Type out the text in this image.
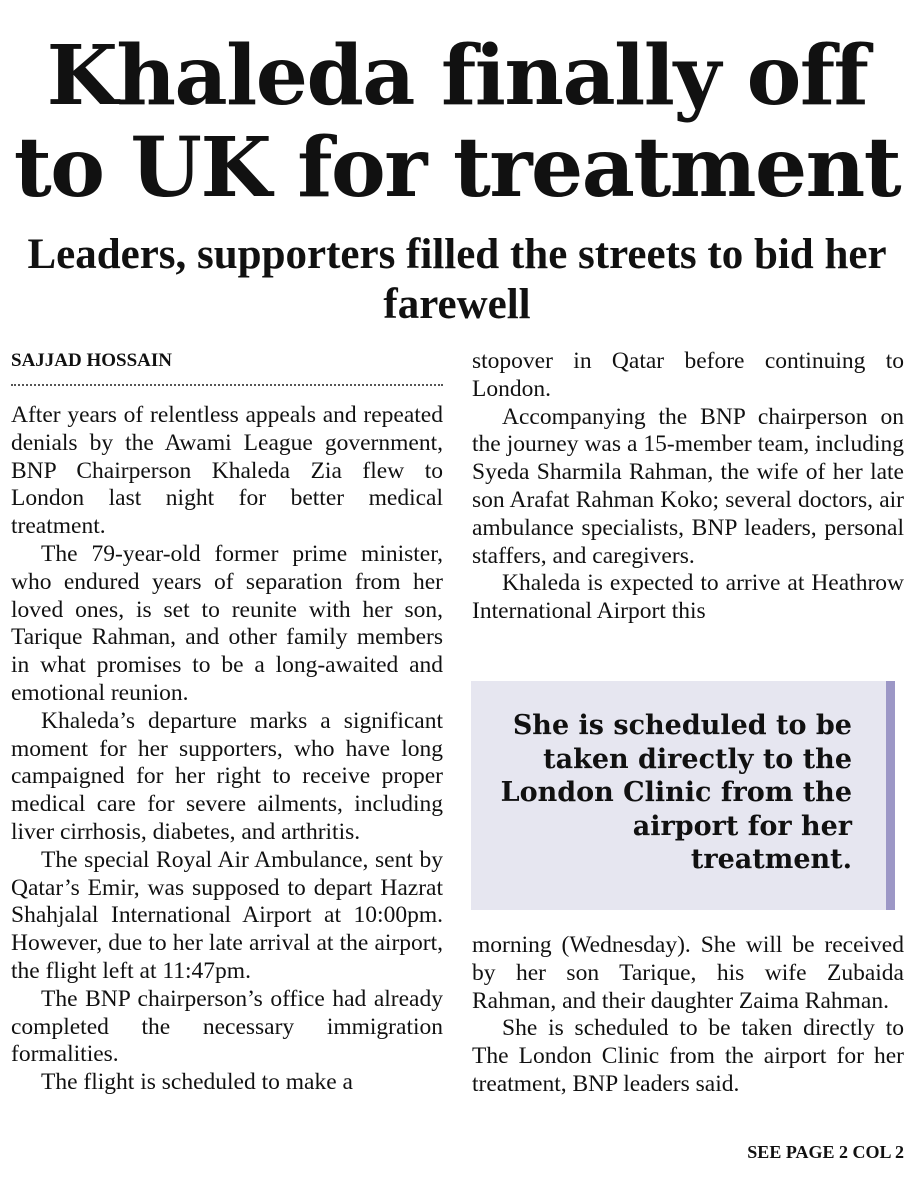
Khaleda finally off to UK for treatment
Leaders, supporters filled the streets to bid her farewell
SAJJAD HOSSAIN

After years of relentless appeals and repeated denials by the Awami League government, BNP Chairperson Khaleda Zia flew to London last night for better medical treatment.

The 79-year-old former prime minister, who endured years of separation from her loved ones, is set to reunite with her son, Tarique Rahman, and other family members in what promises to be a long-awaited and emotional reunion.

Khaleda’s departure marks a significant moment for her supporters, who have long campaigned for her right to receive proper medical care for severe ailments, including liver cirrhosis, diabetes, and arthritis.

The special Royal Air Ambulance, sent by Qatar’s Emir, was supposed to depart Hazrat Shahjalal International Airport at 10:00pm. However, due to her late arrival at the airport, the flight left at 11:47pm.

The BNP chairperson’s office had already completed the necessary immigration formalities.

The flight is scheduled to make a

stopover in Qatar before continuing to London.

Accompanying the BNP chairperson on the journey was a 15-member team, including Syeda Sharmila Rahman, the wife of her late son Arafat Rahman Koko; several doctors, air ambulance specialists, BNP leaders, personal staffers, and caregivers.

Khaleda is expected to arrive at Heathrow International Airport this

She is scheduled to be taken directly to the London Clinic from the airport for her treatment.

morning (Wednesday). She will be received by her son Tarique, his wife Zubaida Rahman, and their daughter Zaima Rahman.

She is scheduled to be taken directly to The London Clinic from the airport for her treatment, BNP leaders said.

SEE PAGE 2 COL 2
